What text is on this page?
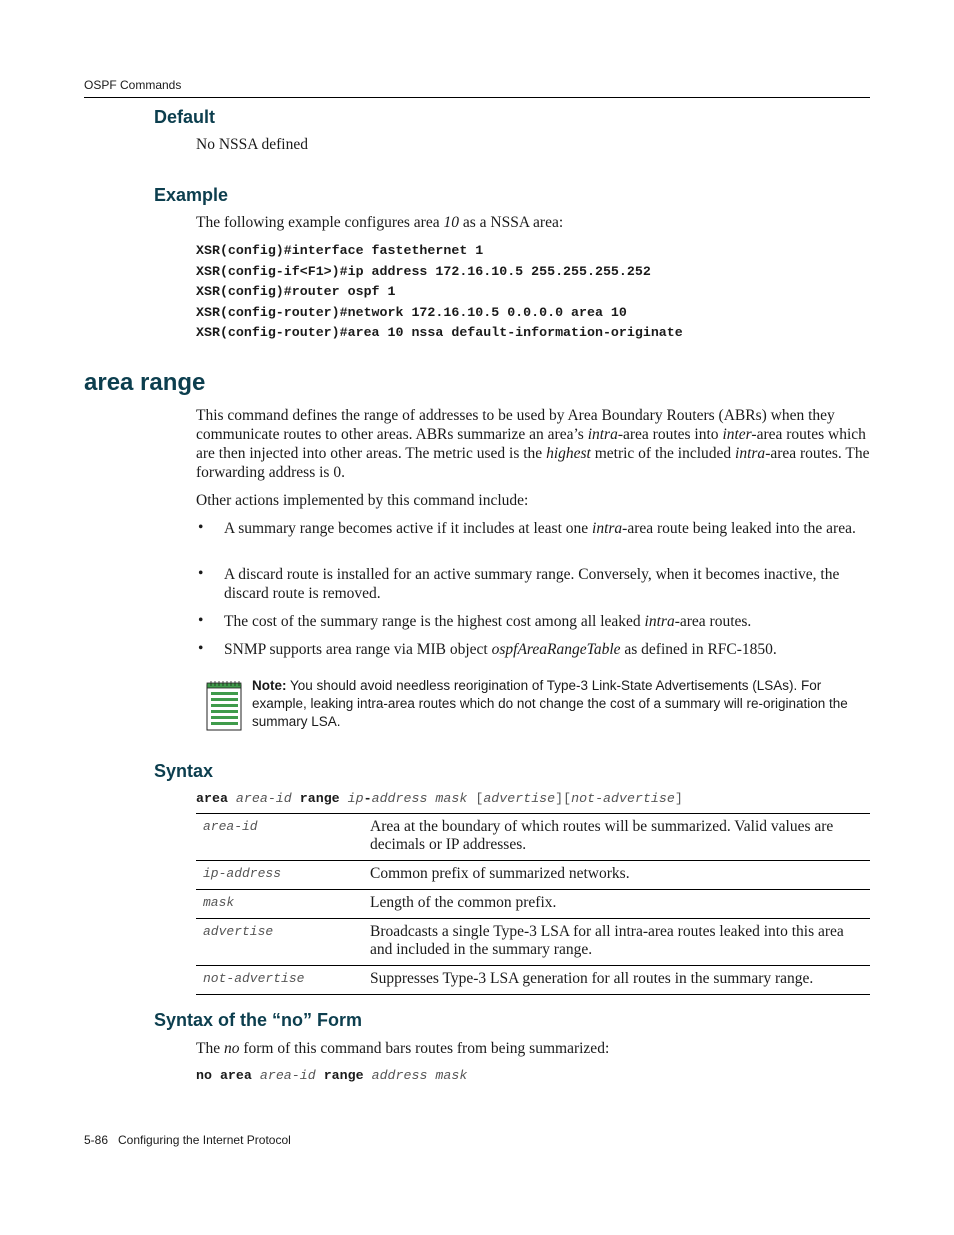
OSPF Commands
Default
No NSSA defined
Example
The following example configures area 10 as a NSSA area:
XSR(config)#interface fastethernet 1
XSR(config-if<F1>)#ip address 172.16.10.5 255.255.255.252
XSR(config)#router ospf 1
XSR(config-router)#network 172.16.10.5 0.0.0.0 area 10
XSR(config-router)#area 10 nssa default-information-originate
area range
This command defines the range of addresses to be used by Area Boundary Routers (ABRs) when they communicate routes to other areas. ABRs summarize an area’s intra-area routes into inter-area routes which are then injected into other areas. The metric used is the highest metric of the included intra-area routes. The forwarding address is 0.
Other actions implemented by this command include:
• A summary range becomes active if it includes at least one intra-area route being leaked into the area.
• A discard route is installed for an active summary range. Conversely, when it becomes inactive, the discard route is removed.
• The cost of the summary range is the highest cost among all leaked intra-area routes.
• SNMP supports area range via MIB object ospfAreaRangeTable as defined in RFC-1850.
Note: You should avoid needless reorigination of Type-3 Link-State Advertisements (LSAs). For example, leaking intra-area routes which do not change the cost of a summary will re-origination the summary LSA.
Syntax
area area-id range ip-address mask [advertise][not-advertise]
area-id	Area at the boundary of which routes will be summarized. Valid values are decimals or IP addresses.
ip-address	Common prefix of summarized networks.
mask	Length of the common prefix.
advertise	Broadcasts a single Type-3 LSA for all intra-area routes leaked into this area and included in the summary range.
not-advertise	Suppresses Type-3 LSA generation for all routes in the summary range.
Syntax of the “no” Form
The no form of this command bars routes from being summarized:
no area area-id range address mask
5-86   Configuring the Internet Protocol
